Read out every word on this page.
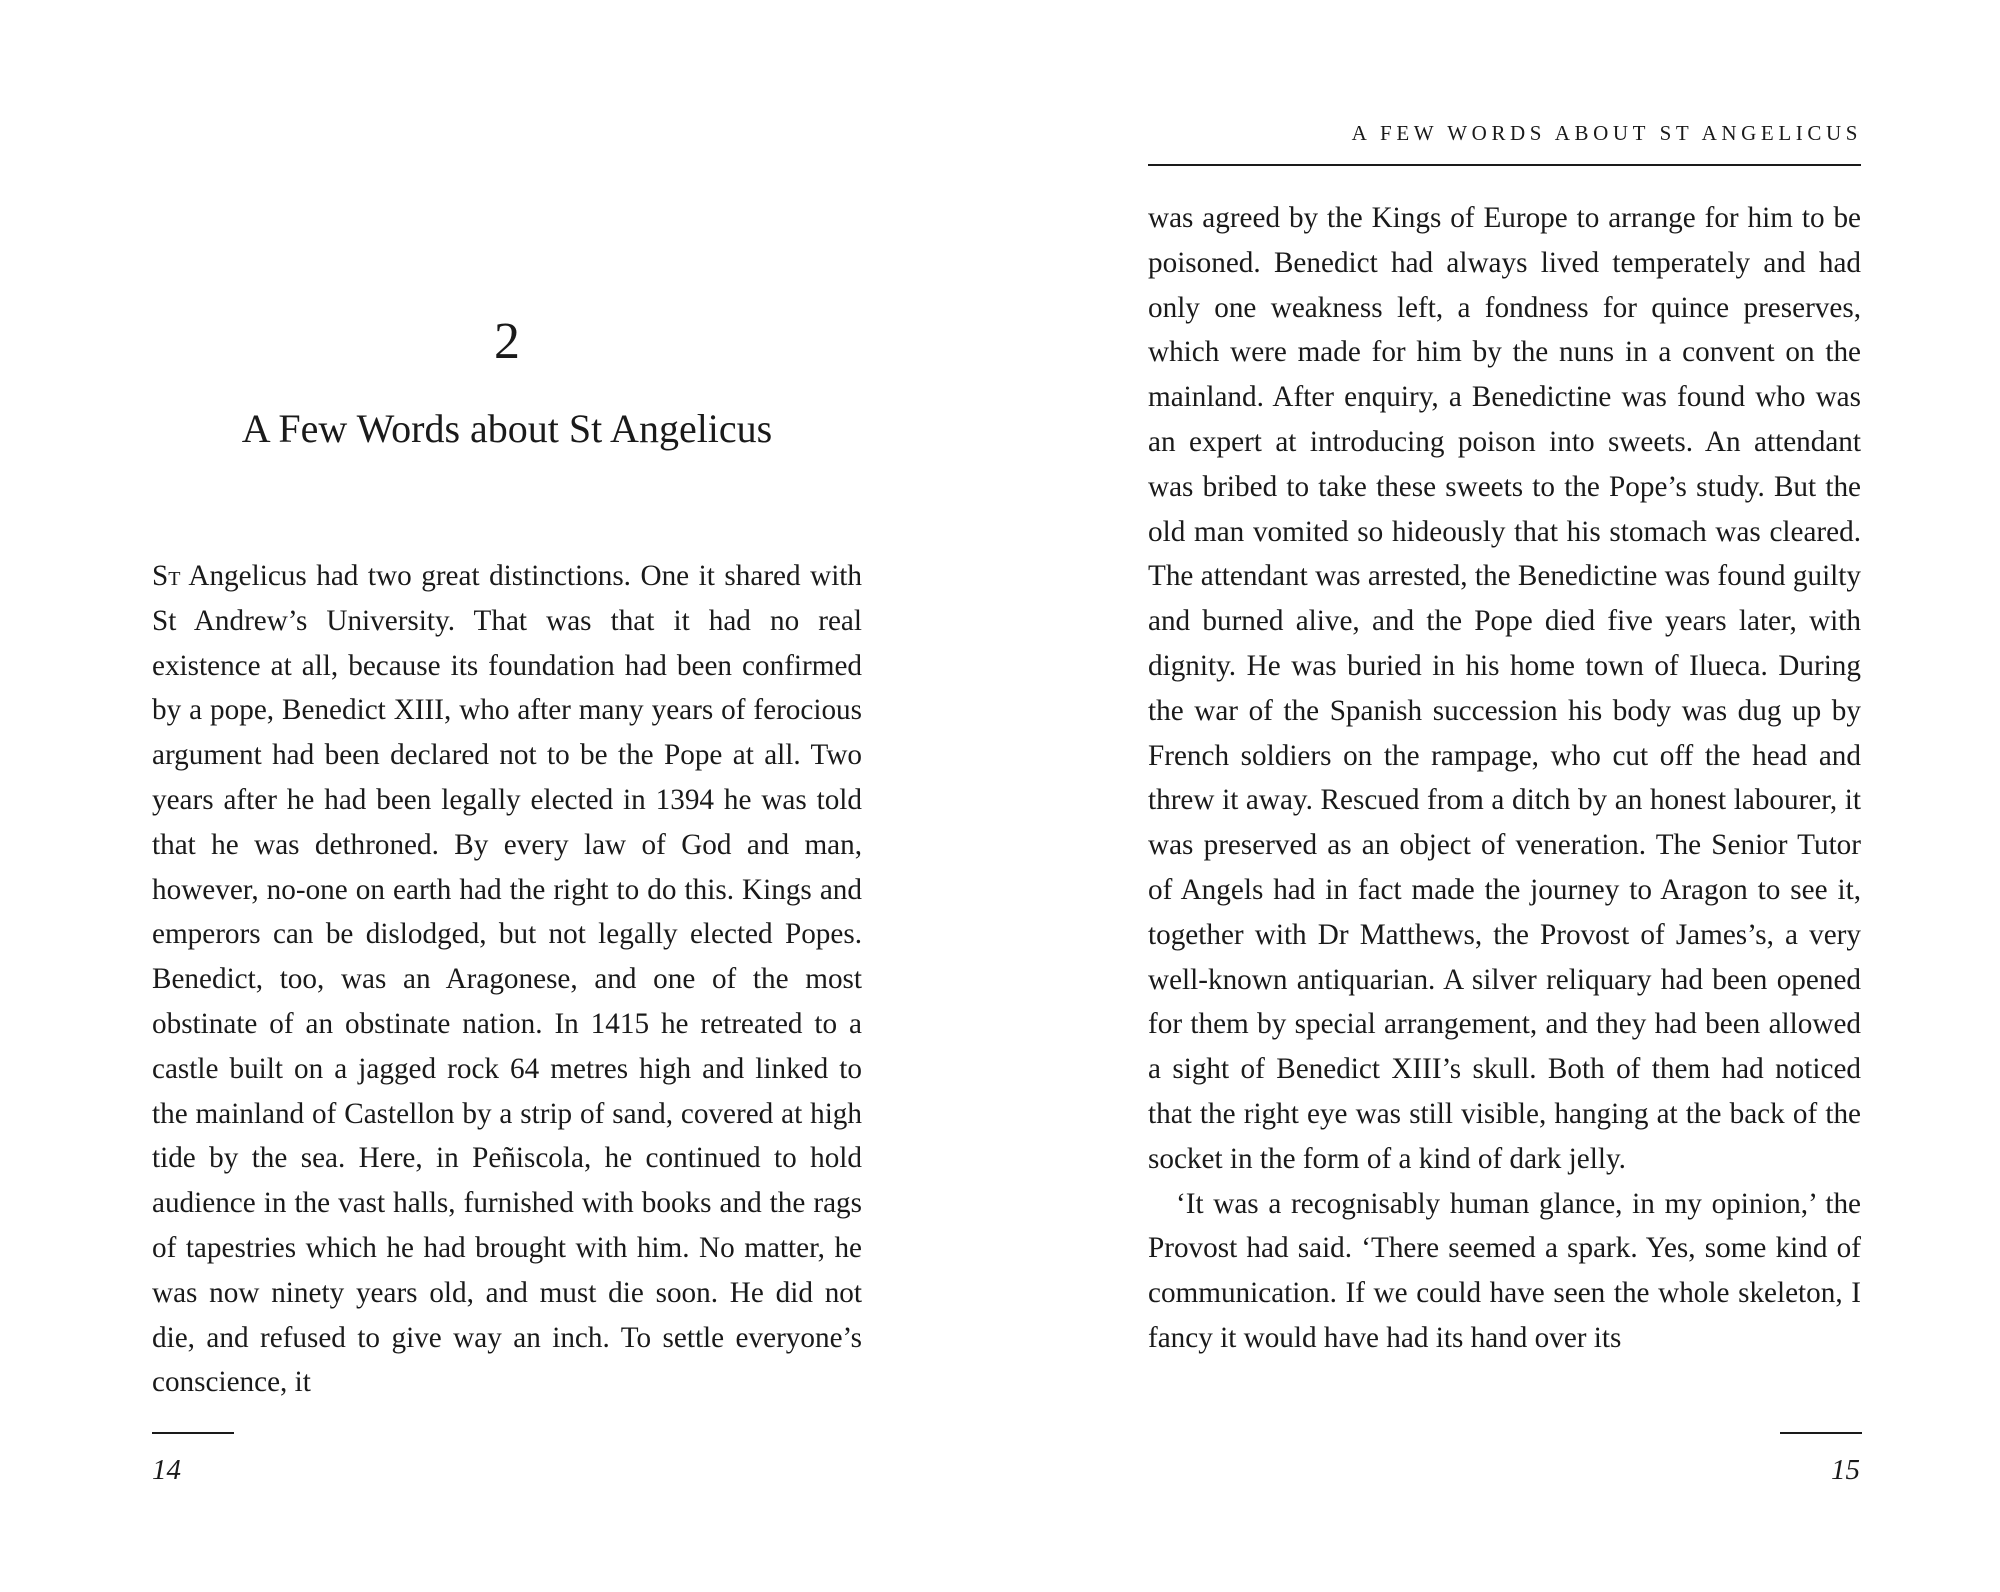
2
A Few Words about St Angelicus

St Angelicus had two great distinctions. One it shared with St Andrew’s University. That was that it had no real existence at all, because its foundation had been confirmed by a pope, Benedict XIII, who after many years of ferocious argument had been declared not to be the Pope at all. Two years after he had been legally elected in 1394 he was told that he was dethroned. By every law of God and man, however, no-one on earth had the right to do this. Kings and emperors can be dislodged, but not legally elected Popes. Benedict, too, was an Aragonese, and one of the most obstinate of an obstinate nation. In 1415 he retreated to a castle built on a jagged rock 64 metres high and linked to the mainland of Castellon by a strip of sand, covered at high tide by the sea. Here, in Peñiscola, he continued to hold audience in the vast halls, furnished with books and the rags of tapestries which he had brought with him. No matter, he was now ninety years old, and must die soon. He did not die, and refused to give way an inch. To settle everyone’s conscience, it

14
A FEW WORDS ABOUT ST ANGELICUS

was agreed by the Kings of Europe to arrange for him to be poisoned. Benedict had always lived temperately and had only one weakness left, a fondness for quince preserves, which were made for him by the nuns in a convent on the mainland. After enquiry, a Benedictine was found who was an expert at introducing poison into sweets. An attendant was bribed to take these sweets to the Pope’s study. But the old man vomited so hideously that his stomach was cleared. The attendant was arrested, the Benedictine was found guilty and burned alive, and the Pope died five years later, with dignity. He was buried in his home town of Ilueca. During the war of the Spanish succession his body was dug up by French soldiers on the rampage, who cut off the head and threw it away. Rescued from a ditch by an honest labourer, it was preserved as an object of veneration. The Senior Tutor of Angels had in fact made the journey to Aragon to see it, together with Dr Matthews, the Provost of James’s, a very well-known antiquarian. A silver reliquary had been opened for them by special arrangement, and they had been allowed a sight of Benedict XIII’s skull. Both of them had noticed that the right eye was still visible, hanging at the back of the socket in the form of a kind of dark jelly.

‘It was a recognisably human glance, in my opinion,’ the Provost had said. ‘There seemed a spark. Yes, some kind of communication. If we could have seen the whole skeleton, I fancy it would have had its hand over its

15
